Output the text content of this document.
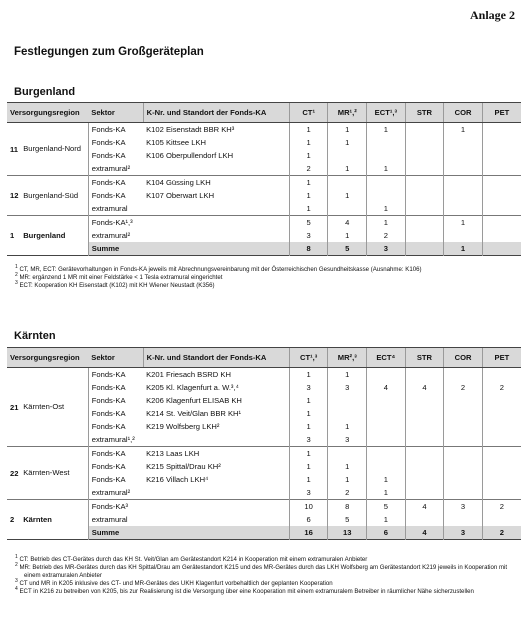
Anlage 2
Festlegungen zum Großgeräteplan
Burgenland
Versorgungsregion		Sektor	K-Nr. und Standort der Fonds-KA	CT¹	MR¹,²	ECT¹,³	STR	COR	PET
11	Burgenland-Nord	Fonds-KA	K102 Eisenstadt BBR KH³	1	1	1		1	
		Fonds-KA	K105 Kittsee LKH	1	1				
		Fonds-KA	K106 Oberpullendorf LKH	1					
		extramural²		2	1	1			
12	Burgenland-Süd	Fonds-KA	K104 Güssing LKH	1					
		Fonds-KA	K107 Oberwart LKH	1	1				
		extramural		1		1			
1	Burgenland	Fonds-KA¹,³		5	4	1		1	
		extramural²		3	1	2			
		Summe		8	5	3		1	
$^1$ CT, MR, ECT: Gerätevorhaltungen in Fonds-KA jeweils mit Abrechnungsvereinbarung mit der Österreichischen Gesundheitskasse (Ausnahme: K106)
$^2$ MR: ergänzend 1 MR mit einer Feldstärke < 1 Tesla extramural eingerichtet
$^3$ ECT: Kooperation KH Eisenstadt (K102) mit KH Wiener Neustadt (K356)
Kärnten
Versorgungsregion		Sektor	K-Nr. und Standort der Fonds-KA	CT¹,³	MR²,³	ECT⁴	STR	COR	PET
21	Kärnten-Ost	Fonds-KA	K201 Friesach BSRD KH	1	1				
		Fonds-KA	K205 Kl. Klagenfurt a. W.³,⁴	3	3	4	4	2	2
		Fonds-KA	K206 Klagenfurt ELISAB KH	1					
		Fonds-KA	K214 St. Veit/Glan BBR KH¹	1					
		Fonds-KA	K219 Wolfsberg LKH²	1	1				
		extramural¹,²		3	3				
22	Kärnten-West	Fonds-KA	K213 Laas LKH	1					
		Fonds-KA	K215 Spittal/Drau KH²	1	1				
		Fonds-KA	K216 Villach LKH⁴	1	1	1			
		extramural²		3	2	1			
2	Kärnten	Fonds-KA³		10	8	5	4	3	2
		extramural		6	5	1			
		Summe		16	13	6	4	3	2
$^1$ CT: Betrieb des CT-Gerätes durch das KH St. Veit/Glan am Gerätestandort K214 in Kooperation mit einem extramuralen Anbieter
$^2$ MR: Betrieb des MR-Gerätes durch das KH Spittal/Drau am Gerätestandort K215 und des MR-Gerätes durch das LKH Wolfsberg am Gerätestandort K219 jeweils in Kooperation mit einem extramuralen Anbieter
$^3$ CT und MR in K205 inklusive des CT- und MR-Gerätes des UKH Klagenfurt vorbehaltlich der geplanten Kooperation
$^4$ ECT in K216 zu betreiben von K205, bis zur Realisierung ist die Versorgung über eine Kooperation mit einem extramuralem Betreiber in räumlicher Nähe sicherzustellen
